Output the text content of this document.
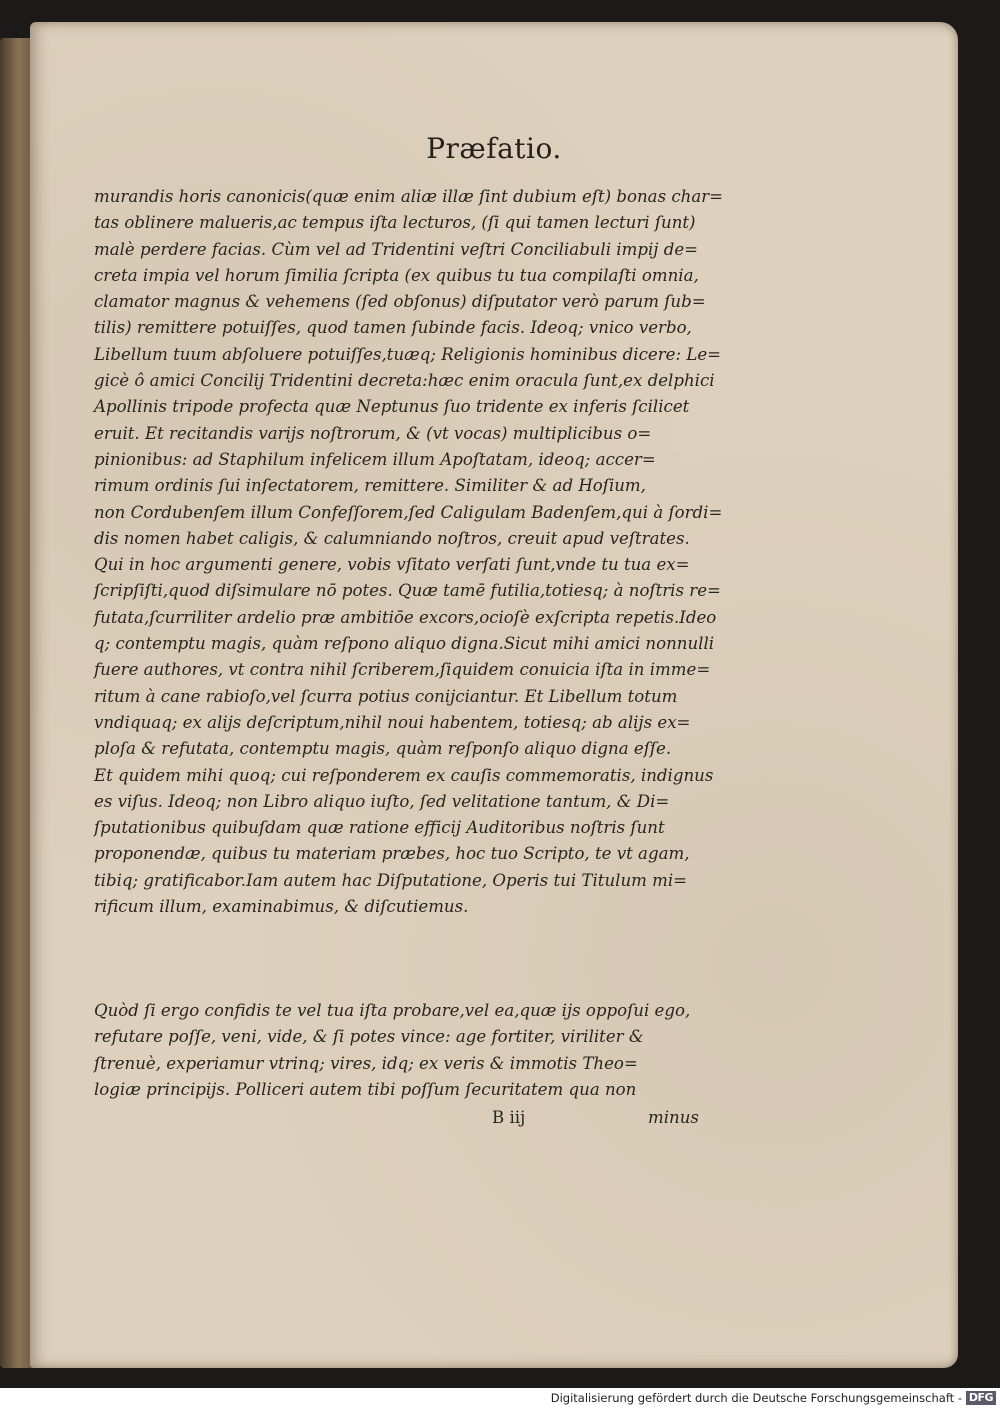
Præfatio.
murandis horis canonicis(quæ enim aliæ illæ ſint dubium eſt) bonas char=
tas oblinere malueris,ac tempus iſta lecturos, (ſi qui tamen lecturi ſunt)
malè perdere facias. Cùm vel ad Tridentini veſtri Conciliabuli impij de=
creta impia vel horum ſimilia ſcripta (ex quibus tu tua compilaſti omnia,
clamator magnus & vehemens (ſed obſonus) diſputator verò parum ſub=
tilis) remittere potuiſſes, quod tamen ſubinde facis. Ideoq; vnico verbo,
Libellum tuum abſoluere potuiſſes,tuæq; Religionis hominibus dicere: Le=
gicè ô amici Concilij Tridentini decreta:hæc enim oracula ſunt,ex delphici
Apollinis tripode profecta quæ Neptunus ſuo tridente ex inferis ſcilicet
eruit. Et recitandis varijs noſtrorum, & (vt vocas) multiplicibus o=
pinionibus: ad Staphilum infelicem illum Apoſtatam, ideoq; accer=
rimum ordinis ſui inſectatorem, remittere. Similiter & ad Hoſium,
non Cordubenſem illum Confeſſorem,ſed Caligulam Badenſem,qui à ſordi=
dis nomen habet caligis, & calumniando noſtros, creuit apud veſtrates.
Qui in hoc argumenti genere, vobis vſitato verſati ſunt,vnde tu tua ex=
ſcripſiſti,quod diſsimulare nō potes. Quæ tamē futilia,totiesq; à noſtris re=
futata,ſcurriliter ardelio præ ambitiōe excors,ocioſè exſcripta repetis.Ideo
q; contemptu magis, quàm reſpono aliquo digna.Sicut mihi amici nonnulli
fuere authores, vt contra nihil ſcriberem,ſiquidem conuicia iſta in imme=
ritum à cane rabioſo,vel ſcurra potius conijciantur. Et Libellum totum
vndiquaq; ex alijs deſcriptum,nihil noui habentem, totiesq; ab alijs ex=
ploſa & refutata, contemptu magis, quàm reſponſo aliquo digna eſſe.
Et quidem mihi quoq; cui reſponderem ex cauſis commemoratis, indignus
es viſus. Ideoq; non Libro aliquo iuſto, ſed velitatione tantum, & Di=
ſputationibus quibuſdam quæ ratione efficij Auditoribus noſtris ſunt
proponendæ, quibus tu materiam præbes, hoc tuo Scripto, te vt agam,
tibiq; gratificabor.Iam autem hac Diſputatione, Operis tui Titulum mi=
rificum illum, examinabimus, & diſcutiemus.
Quòd ſi ergo confidis te vel tua iſta probare,vel ea,quæ ijs oppoſui ego,
refutare poſſe, veni, vide, & ſi potes vince: age fortiter, viriliter &
ſtrenuè, experiamur vtrinq; vires, idq; ex veris & immotis Theo=
logiæ principijs. Polliceri autem tibi poſſum ſecuritatem qua non
B iij	minus
Digitalisierung gefördert durch die Deutsche Forschungsgemeinschaft - DFG
